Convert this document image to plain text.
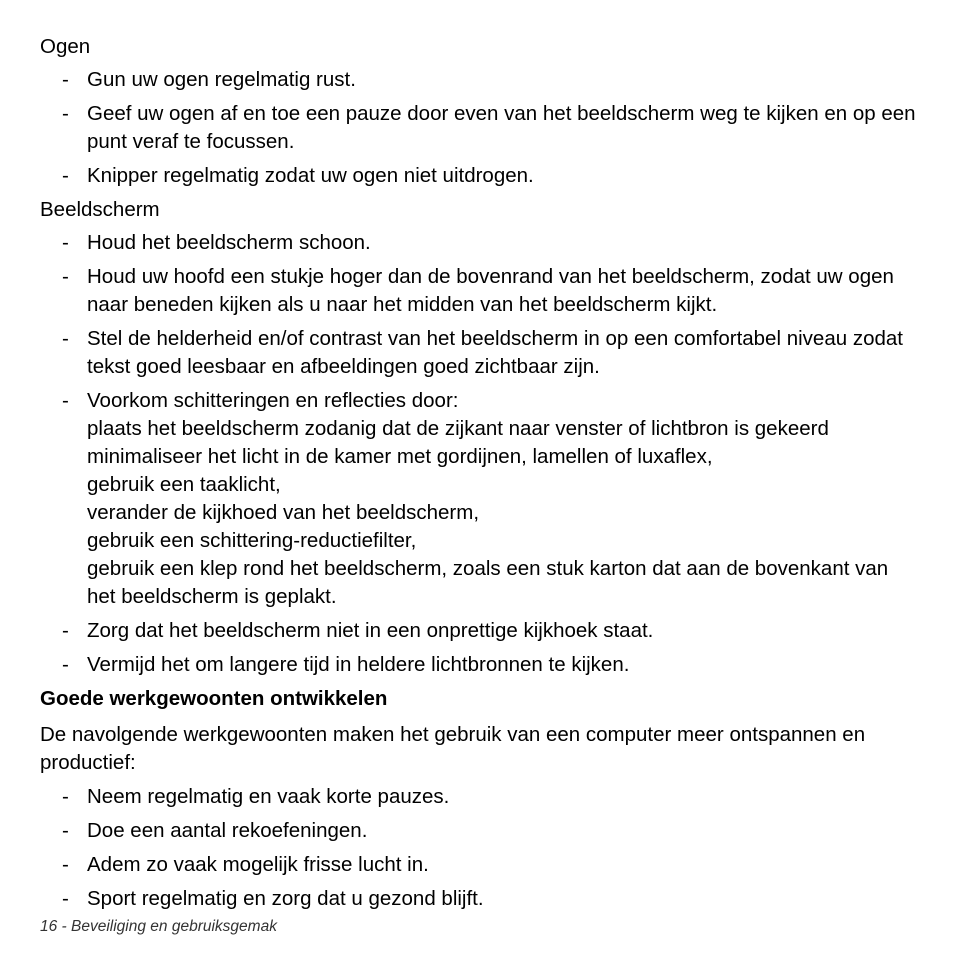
Ogen
- Gun uw ogen regelmatig rust.
- Geef uw ogen af en toe een pauze door even van het beeldscherm weg te kijken en op een punt veraf te focussen.
- Knipper regelmatig zodat uw ogen niet uitdrogen.
Beeldscherm
- Houd het beeldscherm schoon.
- Houd uw hoofd een stukje hoger dan de bovenrand van het beeldscherm, zodat uw ogen naar beneden kijken als u naar het midden van het beeldscherm kijkt.
- Stel de helderheid en/of contrast van het beeldscherm in op een comfortabel niveau zodat tekst goed leesbaar en afbeeldingen goed zichtbaar zijn.
- Voorkom schitteringen en reflecties door:
plaats het beeldscherm zodanig dat de zijkant naar venster of lichtbron is gekeerd
minimaliseer het licht in de kamer met gordijnen, lamellen of luxaflex,
gebruik een taaklicht,
verander de kijkhoed van het beeldscherm,
gebruik een schittering-reductiefilter,
gebruik een klep rond het beeldscherm, zoals een stuk karton dat aan de bovenkant van het beeldscherm is geplakt.
- Zorg dat het beeldscherm niet in een onprettige kijkhoek staat.
- Vermijd het om langere tijd in heldere lichtbronnen te kijken.
Goede werkgewoonten ontwikkelen
De navolgende werkgewoonten maken het gebruik van een computer meer ontspannen en productief:
- Neem regelmatig en vaak korte pauzes.
- Doe een aantal rekoefeningen.
- Adem zo vaak mogelijk frisse lucht in.
- Sport regelmatig en zorg dat u gezond blijft.
16 - Beveiliging en gebruiksgemak
